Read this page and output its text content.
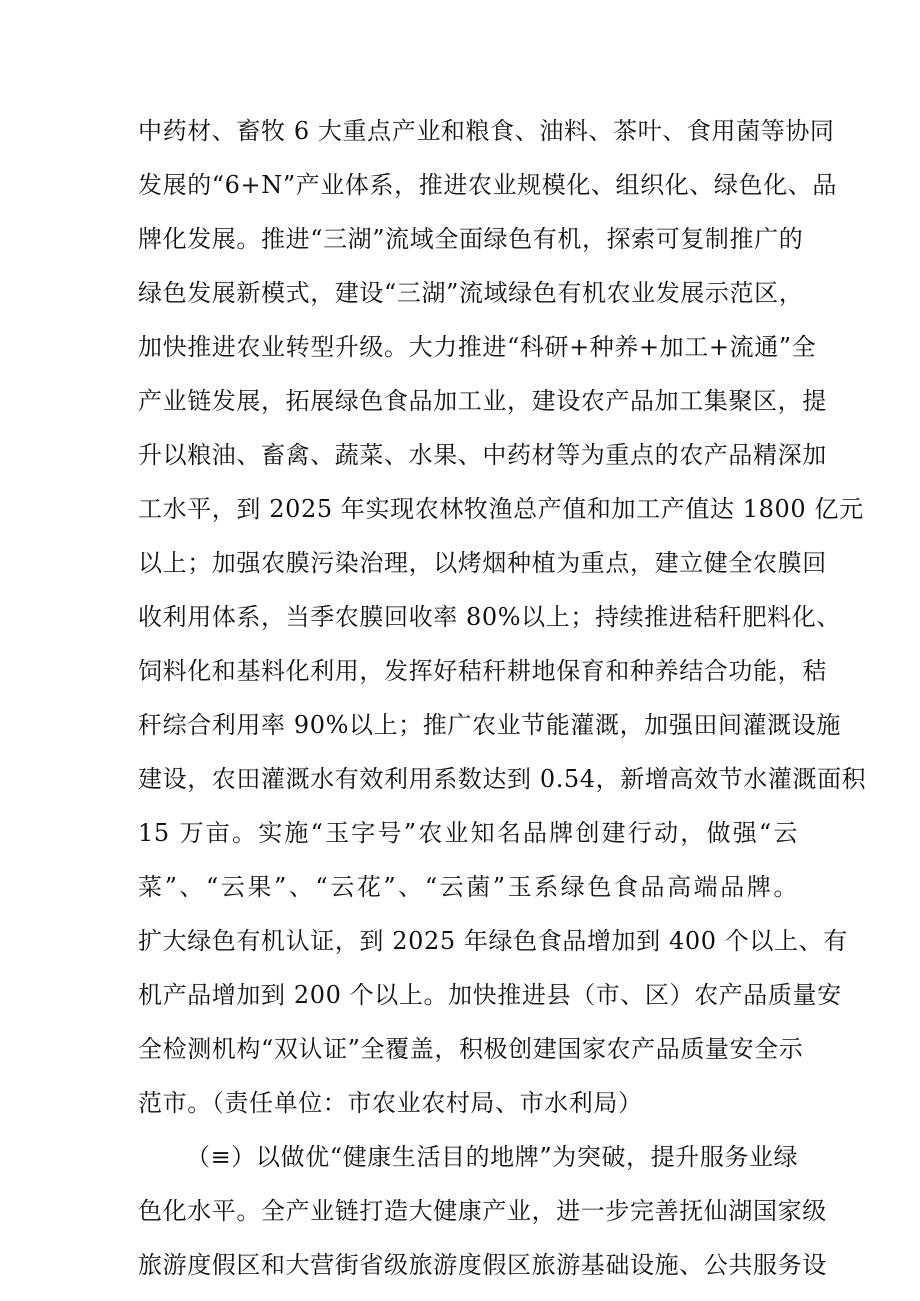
中药材、畜牧 6 大重点产业和粮食、油料、茶叶、食用菌等协同
发展的“6+N”产业体系，推进农业规模化、组织化、绿色化、品
牌化发展。推进“三湖”流域全面绿色有机，探索可复制推广的
绿色发展新模式，建设“三湖”流域绿色有机农业发展示范区，
加快推进农业转型升级。大力推进“科研+种养+加工+流通”全
产业链发展，拓展绿色食品加工业，建设农产品加工集聚区，提
升以粮油、畜禽、蔬菜、水果、中药材等为重点的农产品精深加
工水平，到 2025 年实现农林牧渔总产值和加工产值达 1800 亿元
以上；加强农膜污染治理，以烤烟种植为重点，建立健全农膜回
收利用体系，当季农膜回收率 80%以上；持续推进秸秆肥料化、
饲料化和基料化利用，发挥好秸秆耕地保育和种养结合功能，秸
秆综合利用率 90%以上；推广农业节能灌溉，加强田间灌溉设施
建设，农田灌溉水有效利用系数达到 0.54，新增高效节水灌溉面积
15 万亩。实施“玉字号”农业知名品牌创建行动，做强“云
菜”、“云果”、“云花”、“云菌”玉系绿色食品高端品牌。
扩大绿色有机认证，到 2025 年绿色食品增加到 400 个以上、有
机产品增加到 200 个以上。加快推进县（市、区）农产品质量安
全检测机构“双认证”全覆盖，积极创建国家农产品质量安全示
范市。（责任单位：市农业农村局、市水利局）
（≡）以做优“健康生活目的地牌”为突破，提升服务业绿
色化水平。全产业链打造大健康产业，进一步完善抚仙湖国家级
旅游度假区和大营街省级旅游度假区旅游基础设施、公共服务设
